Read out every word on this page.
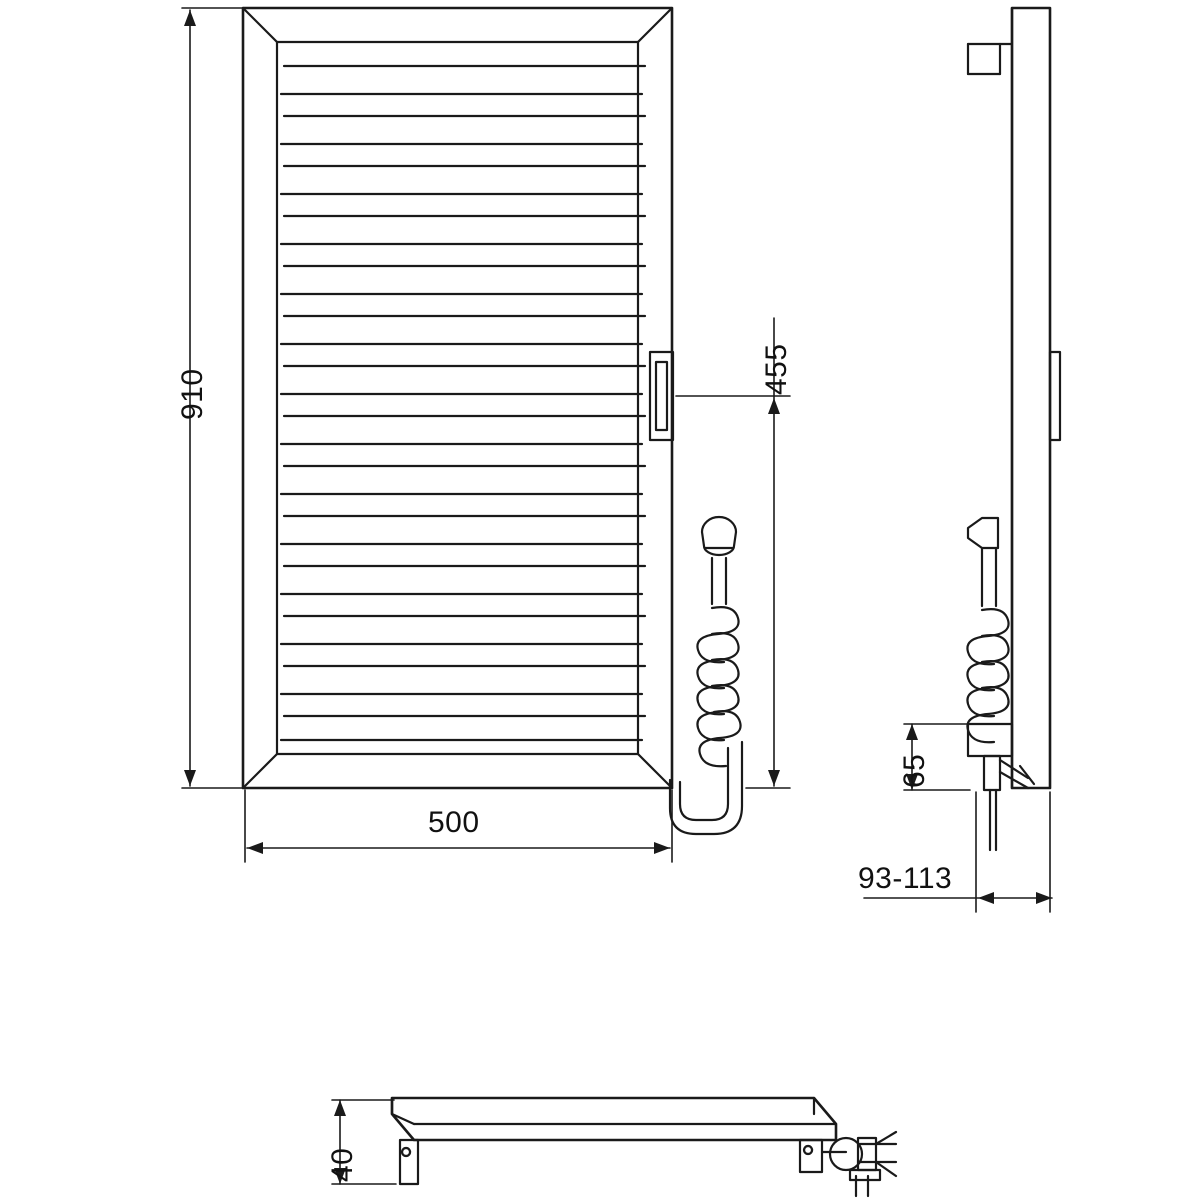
910
500
455
65
93-113
40
